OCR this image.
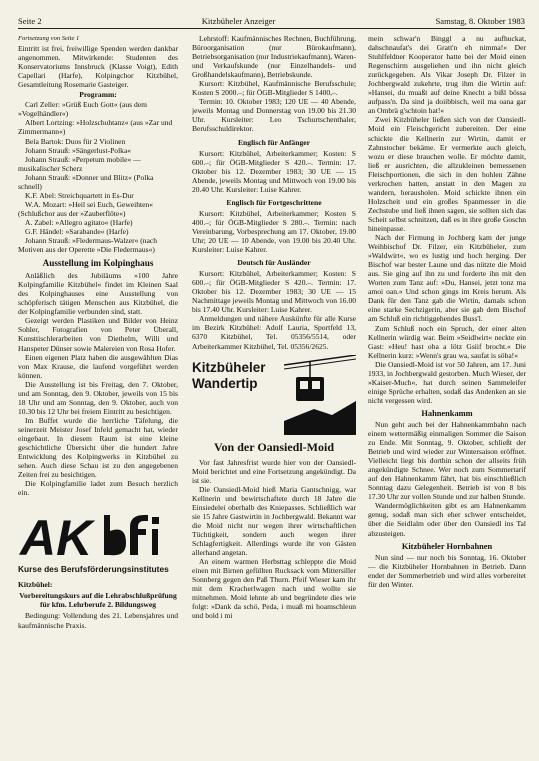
Seite 2	Kitzbüheler Anzeiger	Samstag, 8. Oktober 1983
Fortsetzung von Seite 1

Eintritt ist frei, freiwillige Spenden werden dankbar angenommen. Mitwirkende: Studenten des Konservatoriums Innsbruck (Klasse Voigt), Edith Capellari (Harfe), Kolpingchor Kitzbühel, Gesamtleitung Rosemarie Gasteiger.

Programm:

Carl Zeller: »Grüß Euch Gott« (aus dem »Vogelhändler«)

Albert Lortzing: »Holzschuhtanz« (aus »Zar und Zimmermann«)

Bela Bartok: Duos für 2 Violinen

Johann Strauß: »Sängerlust-Polka«

Johann Strauß: »Perpetum mobile« — musikalischer Scherz

Johann Strauß: »Donner und Blitz« (Polka schnell)

K.F. Abel: Streichquartett in Es-Dur

W.A. Mozart: »Heil sei Euch, Geweihten« (Schlußchor aus der »Zauberflöte«)

A. Zabel: »Allegro agitato« (Harfe)

G.F. Händel: »Sarabande« (Harfe)

Johann Strauß: »Fledermaus-Walzer« (nach Motiven aus der Operette »Die Fledermaus«)

Ausstellung im Kolpinghaus

Anläßlich des Jubiläums »100 Jahre Kolpingfamilie Kitzbühel« findet im Kleinen Saal des Kolpinghauses eine Ausstellung von schöpferisch tätigen Menschen aus Kitzbühel, die der Kolpingfamilie verbunden sind, statt.

Gezeigt werden Plastiken und Bilder von Heinz Sohler, Fotografien von Peter Überall, Kunsttischlerarbeiten von Diethelm, Willi und Hanspeter Dünser sowie Malereien von Rosa Hofer.

Einen eigenen Platz haben die ausgewählten Dias von Max Krause, die laufend vorgeführt werden können.

Die Ausstellung ist bis Freitag, den 7. Oktober, und am Sonntag, den 9. Oktober, jeweils von 15 bis 18 Uhr und am Sonntag, den 9. Oktober, auch von 10.30 bis 12 Uhr bei freiem Eintritt zu besichtigen.

Im Buffet wurde die herrliche Täfelung, die seinerzeit Meister Josef Infeld gemacht hat, wieder eingebaut. In diesem Raum ist eine kleine geschichtliche Übersicht über die hundert Jahre Entwicklung des Kolpingwerks in Kitzbühel zu sehen. Auch diese Schau ist zu den angegebenen Zeiten frei zu besichtigen.

Die Kolpingfamilie ladet zum Besuch herzlich ein.

AK
Kurse des Berufsförderungsinstitutes

Kitzbühel:

Vorbereitungskurs auf die Lehrabschlußprüfung für kfm. Lehrberufe 2. Bildungsweg

Bedingung: Vollendung des 21. Lebensjahres und kaufmännische Praxis.

Lehrstoff: Kaufmännisches Rechnen, Buchführung, Büroorganisation (nur Bürokaufmann), Betriebsorganisation (nur Industriekaufmann), Waren- und Verkaufskunde (nur Einzelhandels- und Großhandelskaufmann), Betriebskunde.

Kursort: Kitzbühel, Kaufmännische Berufsschule; Kosten S 2000.–; für ÖGB-Mitglieder S 1400,–.

Termin: 10. Oktober 1983; 120 UE — 40 Abende, jeweils Montag und Donnerstag von 19.00 bis 21.30 Uhr. Kursleiter: Leo Tschurtschenthaler, Berufsschuldirektor.

Englisch für Anfänger

Kursort: Kitzbühel, Arbeiterkammer; Kosten: S 600.–; für ÖGB-Mitglieder S 420.–. Termin: 17. Oktober bis 12. Dezember 1983; 30 UE — 15 Abende, jeweils Montag und Mittwoch von 19.00 bis 20.40 Uhr. Kursleiter: Luise Kahrer.

Englisch für Fortgeschrittene

Kursort: Kitzbühel, Arbeiterkammer; Kosten S 400.–; für ÖGB-Mitglieder S 280.–. Termin: nach Vereinbarung, Vorbesprechung am 17. Oktober, 19.00 Uhr; 20 UE — 10 Abende, von 19.00 bis 20.40 Uhr. Kursleiter: Luise Kahrer.

Deutsch für Ausländer

Kursort: Kitzbühel, Arbeiterkammer; Kosten: S 600.–; für ÖGB-Mitglieder S 420.–. Termin: 17. Oktober bis 12. Dezember 1983; 30 UE — 15 Nachmittage jeweils Montag und Mittwoch von 16.00 bis 17.40 Uhr. Kursleiter: Luise Kahrer.

Anmeldungen und nähere Auskünfte für alle Kurse im Bezirk Kitzbühel: Adolf Lauria, Sportfeld 13, 6370 Kitzbühel, Tel. 05356/5514, oder Arbeiterkammer Kitzbühel, Tel. 05356/2625.

Kitzbüheler
Wandertip
Von der Oansiedl-Moid

Vor fast Jahresfrist wurde hier von der Oansiedl-Moid berichtet und eine Fortsetzung angekündigt. Da ist sie.

Die Oansiedl-Moid hieß Maria Gantschnigg, war Kellnerin und bewirtschaftete durch 18 Jahre die Einsiedelei oberhalb des Kniepasses. Schließlich war sie 15 Jahre Gastwirtin in Jochbergwald. Bekannt war die Moid nicht nur wegen ihrer wirtschaftlichen Tüchtigkeit, sondern auch wegen ihrer Schlagfertigkeit. Allerdings wurde ihr von Gästen allerhand angetan.

An einem warmen Herbsttag schleppte die Moid einen mit Birnen gefüllten Rucksack vom Mittersiller Sonnberg gegen den Paß Thurn. Pfeif Wieser kam ihr mit dem Kracherlwagen nach und wollte sie mitnehmen. Moid lehnte ab und begründete dies wie folgt: »Dank da schö, Peda, i muaß mi hoamschleun und bold i mi

mein schwar'n Binggl a nu aufhuckat, dahschnaufat's dei Gratt'n eh nimma!« Der Stuhlfeldner Kooperator hatte bei der Moid einen Regenschirm ausgeliehen und ihn nicht gleich zurückgegeben. Als Vikar Joseph Dr. Filzer in Jochbergwald zukehrte, trug ihm die Wirtin auf: »Hansei, du muaßt auf deine Knecht a bißl bössa aufpass'n. Da sind ja doiibbisch, weil ma oana gar an Ombrä g'schtoin hat!«

Zwei Kitzbüheler ließen sich von der Oansiedl-Moid ein Fleischgericht zubereiten. Der eine schickte die Kellnerin zur Wirtin, damit er Zahnstocher bekäme. Er vermerkte auch gleich, wozu er diese brauchen wolle. Er möchte damit, ließ er ausrichten, die allzukleinen bemessenen Fleischportionen, die sich in den hohlen Zähne verkrochen hatten, anstatt in den Magen zu wandern, herausholen. Moid schickte ihnen ein Holzscheit und ein großes Spanmesser in die Zechstube und ließ ihnen sagen, sie sollten sich das Scheit selbst schnitzen, daß es in ihre große Goschn hineinpasse.

Nach der Firmung in Jochberg kam der junge Weihbischof Dr. Filzer, ein Kitzbüheler, zum »Waldwirt«, wo es lustig und hoch herging. Der Bischof war bester Laune und das nützte die Moid aus. Sie ging auf ihn zu und forderte ihn mit den Worten zum Tanz auf: »Du, Hansei, jetzt tonz ma amoi oan.« Und schon gings im Kreis herum. Als Dank für den Tanz gab die Wirtin, damals schon eine starke Sechzigerin, aber sie gab dem Bischof am Schluß ein richtiggehendes Buss'l.

Zum Schluß noch ein Spruch, der einer alten Kellnerin würdig war. Beim »Seidlwirt« neckte ein Gast: »Heu! hast oba a lötz Gsiif brocht.« Die Kellnerin kurz: »Wenn's grau wa, saufat is söba!«

Die Oansiedl-Moid ist vor 50 Jahren, am 17. Juni 1933, in Jochbergwald gestorben. Much Wieser, der »Kaiser-Much«, hat durch seinen Sammeleifer einige Sprüche erhalten, sodaß das Andenken an sie nicht vergessen wird.

Hahnenkamm

Nun geht auch bei der Hahnenkammbahn nach einem wettermäßig einmaligen Sommer die Saison zu Ende. Mit Sonntag, 9. Oktober, schließt der Betrieb und wird wieder zur Wintersaison eröffnet. Vielleicht liegt bis dorthin schon der allseits früh angekündigte Schnee. Wer noch zum Sommertarif auf den Hahnenkamm fährt, hat bis einschließlich Sonntag dazu Gelegenheit. Betrieb ist von 8 bis 17.30 Uhr zur vollen Stunde und zur halben Stunde.

Wandermöglichkeiten gibt es am Hahnenkamm genug, sodaß man sich eher schwer entscheidet, über die Seidlalm oder über den Oansiedl ins Tal abzusteigen.

Kitzbüheler Hornbahnen

Nun sind — nur noch bis Sonntag, 16. Oktober — die Kitzbüheler Hornbahnen in Betrieb. Dann endet der Sommerbetrieb und wird alles vorbereitet für den Winter.
